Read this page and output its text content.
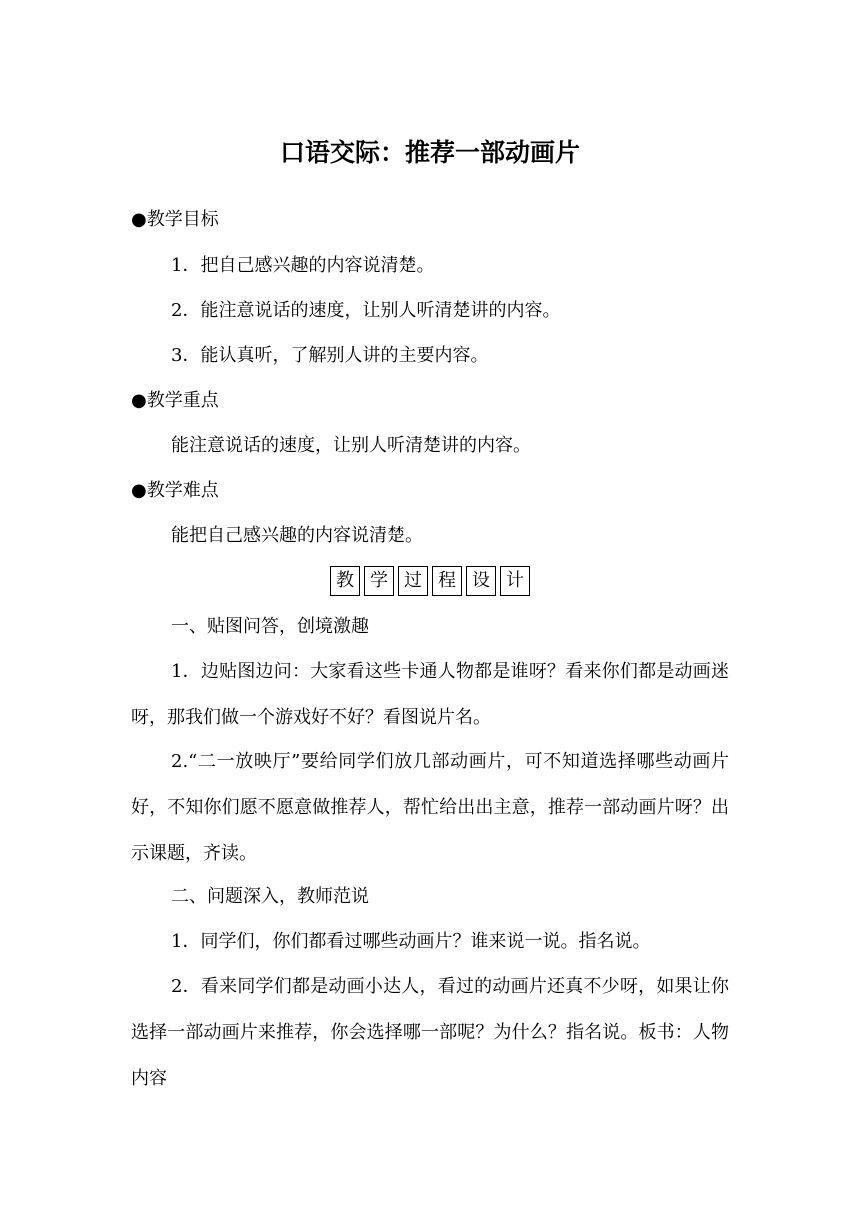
口语交际：推荐一部动画片
●教学目标
1．把自己感兴趣的内容说清楚。
2．能注意说话的速度，让别人听清楚讲的内容。
3．能认真听，了解别人讲的主要内容。
●教学重点
能注意说话的速度，让别人听清楚讲的内容。
●教学难点
能把自己感兴趣的内容说清楚。
教 学 过 程 设 计
一、贴图问答，创境激趣
1．边贴图边问：大家看这些卡通人物都是谁呀？看来你们都是动画迷呀，那我们做一个游戏好不好？看图说片名。
2.“二一放映厅”要给同学们放几部动画片，可不知道选择哪些动画片好，不知你们愿不愿意做推荐人，帮忙给出出主意，推荐一部动画片呀？出示课题，齐读。
二、问题深入，教师范说
1．同学们，你们都看过哪些动画片？谁来说一说。指名说。
2．看来同学们都是动画小达人，看过的动画片还真不少呀，如果让你选择一部动画片来推荐，你会选择哪一部呢？为什么？指名说。板书：人物内容
